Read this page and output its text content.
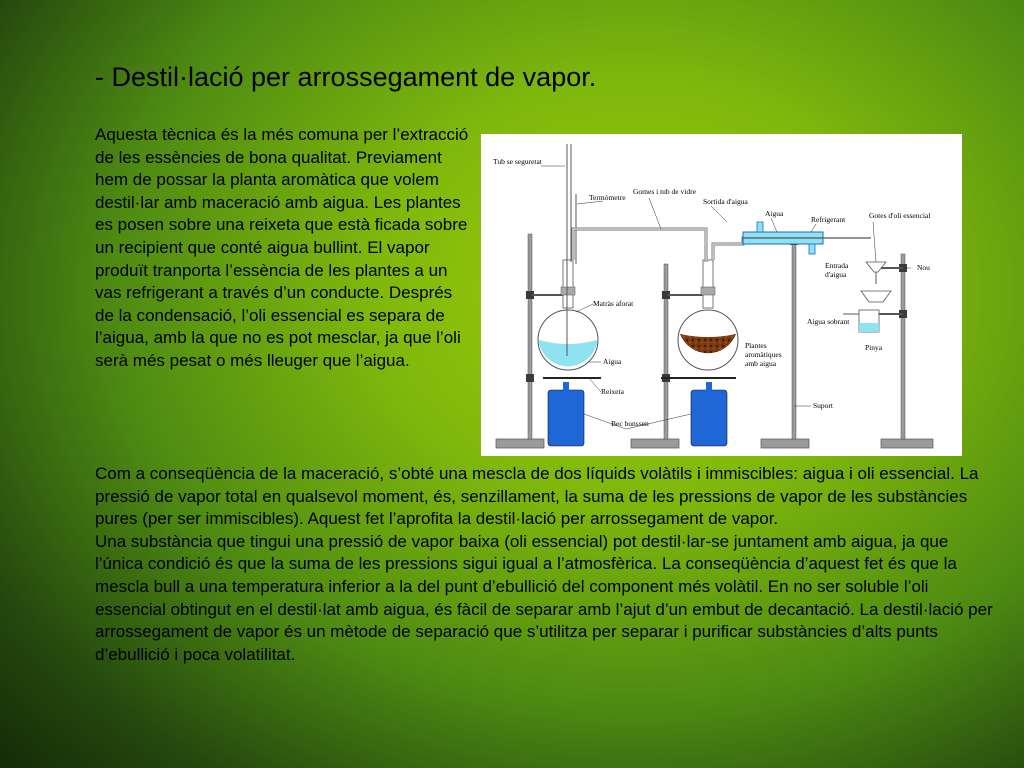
- Destil·lació per arrossegament de vapor.

Aquesta tècnica és la més comuna per l’extracció de les essències de bona qualitat. Previament hem de possar la planta aromàtica que volem destil·lar amb maceració amb aigua. Les plantes es posen sobre una reixeta que està ficada sobre un recipient que conté aigua bullint. El vapor produït tranporta l’essència de les plantes a un vas refrigerant a través d’un conducte. Després de la condensació, l’oli essencial es separa de l’aigua, amb la que no es pot mesclar, ja que l’oli serà més pesat o més lleuger que l’aigua.

Tub se seguretat
Termòmetre
Gomes i tub de vidre
Sortida d'aigua
Aigua
Refrigerant	Gotes d'oli essencial
Entrada
d'aigua
Nou
Matràs aforat
Aigua sobrant
Plantes
aromàtiques
amb aigua
Aigua
Pinya
Reixeta
Suport
Bec bunssen

Com a conseqüència de la maceració, s’obté una mescla de dos líquids volàtils i immiscibles: aigua i oli essencial. La pressió de vapor total en qualsevol moment, és, senzillament, la suma de les pressions de vapor de les substàncies pures (per ser immiscibles). Aquest fet l’aprofita la destil·lació per arrossegament de vapor.

Una substància que tingui una pressió de vapor baixa (oli essencial) pot destil·lar-se juntament amb aigua, ja que l’única condició és que la suma de les pressions sigui igual a l’atmosfèrica. La conseqüència d’aquest fet és que la mescla bull a una temperatura inferior a la del punt d’ebullició del component més volàtil. En no ser soluble l’oli essencial obtingut en el destil·lat amb aigua, és fàcil de separar amb l’ajut d’un embut de decantació. La destil·lació per arrossegament de vapor és un mètode de separació que s’utilitza per separar i purificar substàncies d’alts punts d’ebullició i poca volatilitat.
